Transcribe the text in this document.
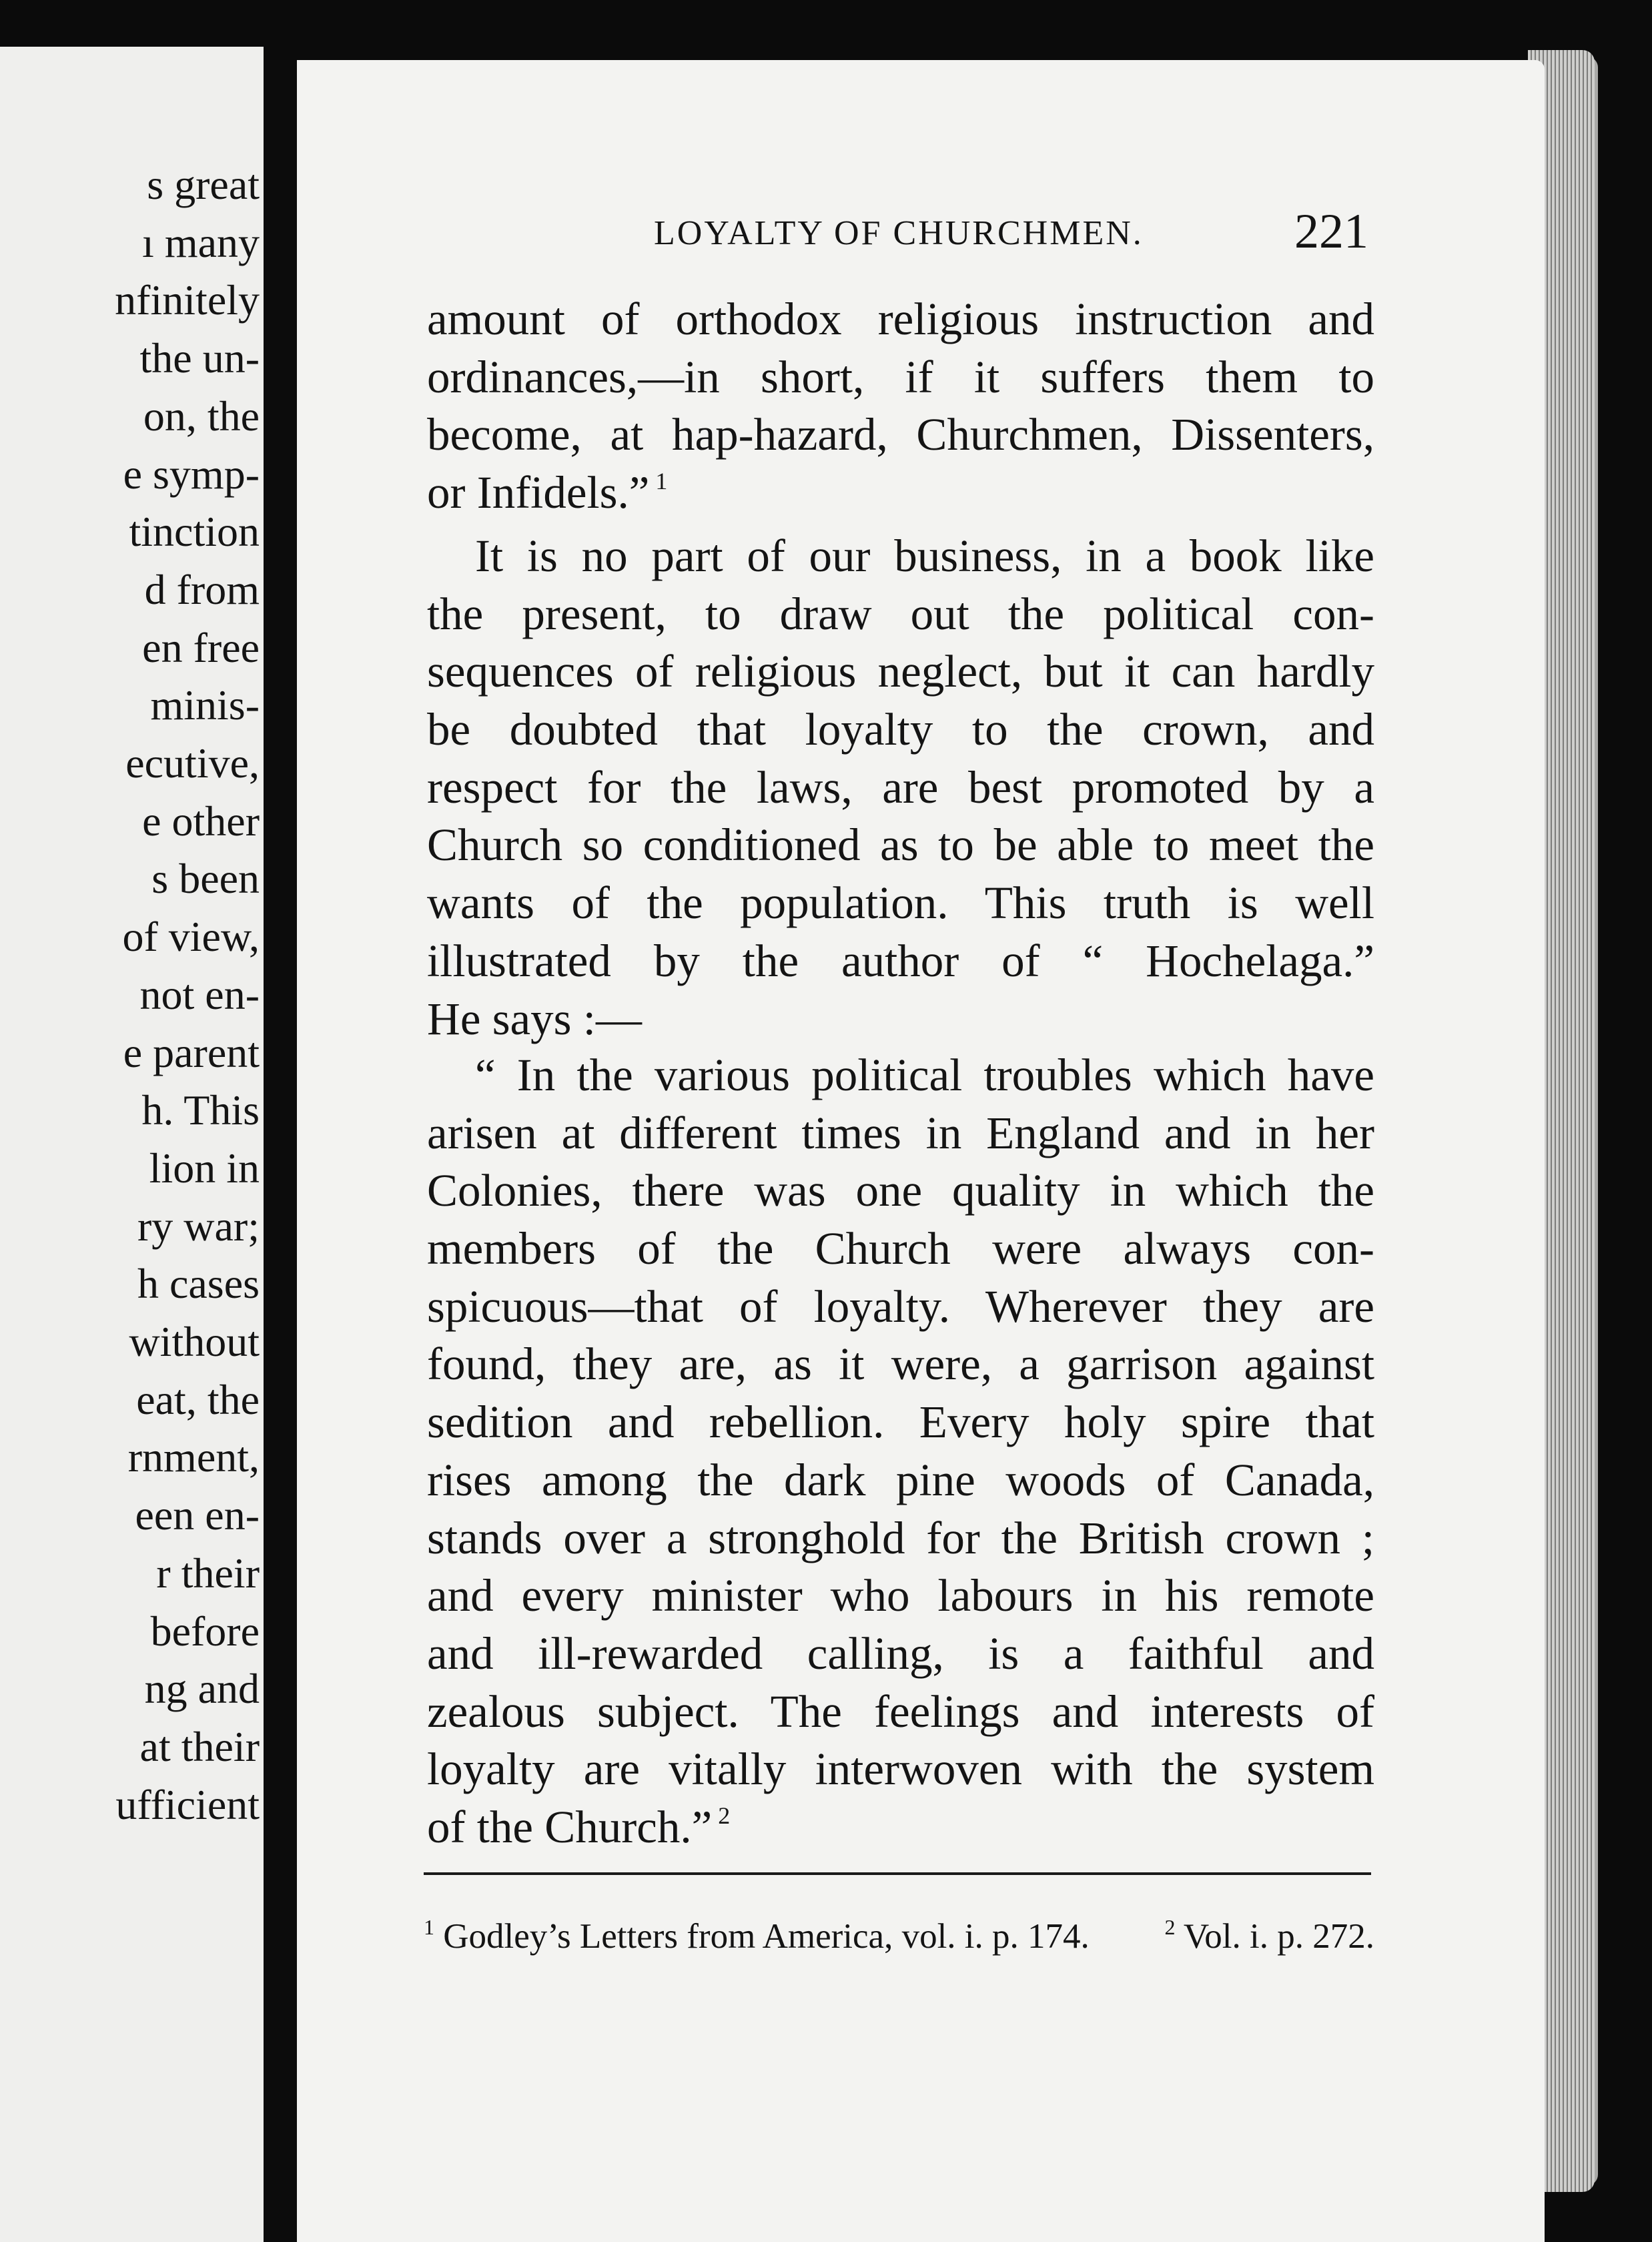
s great
ı many
nfinitely
the un-
on, the
e symp-
tinction
d from
en free
minis-
ecutive,
e other
s been
of view,
not en-
e parent
h. This
lion in
ry war;
h cases
without
eat, the
rnment,
een en-
r their
before
ng and
at their
ufficient
LOYALTY OF CHURCHMEN.	221
amount of orthodox religious instruction and
ordinances,—in short, if it suffers them to
become, at hap-hazard, Churchmen, Dissenters,
or Infidels.” $^1$
It is no part of our business, in a book like
the present, to draw out the political con-
sequences of religious neglect, but it can hardly
be doubted that loyalty to the crown, and
respect for the laws, are best promoted by a
Church so conditioned as to be able to meet the
wants of the population. This truth is well
illustrated by the author of “ Hochelaga.”
He says :—
“ In the various political troubles which have
arisen at different times in England and in her
Colonies, there was one quality in which the
members of the Church were always con-
spicuous—that of loyalty. Wherever they are
found, they are, as it were, a garrison against
sedition and rebellion. Every holy spire that
rises among the dark pine woods of Canada,
stands over a stronghold for the British crown ;
and every minister who labours in his remote
and ill-rewarded calling, is a faithful and
zealous subject. The feelings and interests of
loyalty are vitally interwoven with the system
of the Church.” $^2$
$^1$ Godley’s Letters from America, vol. i. p. 174.	$^2$ Vol. i. p. 272.
